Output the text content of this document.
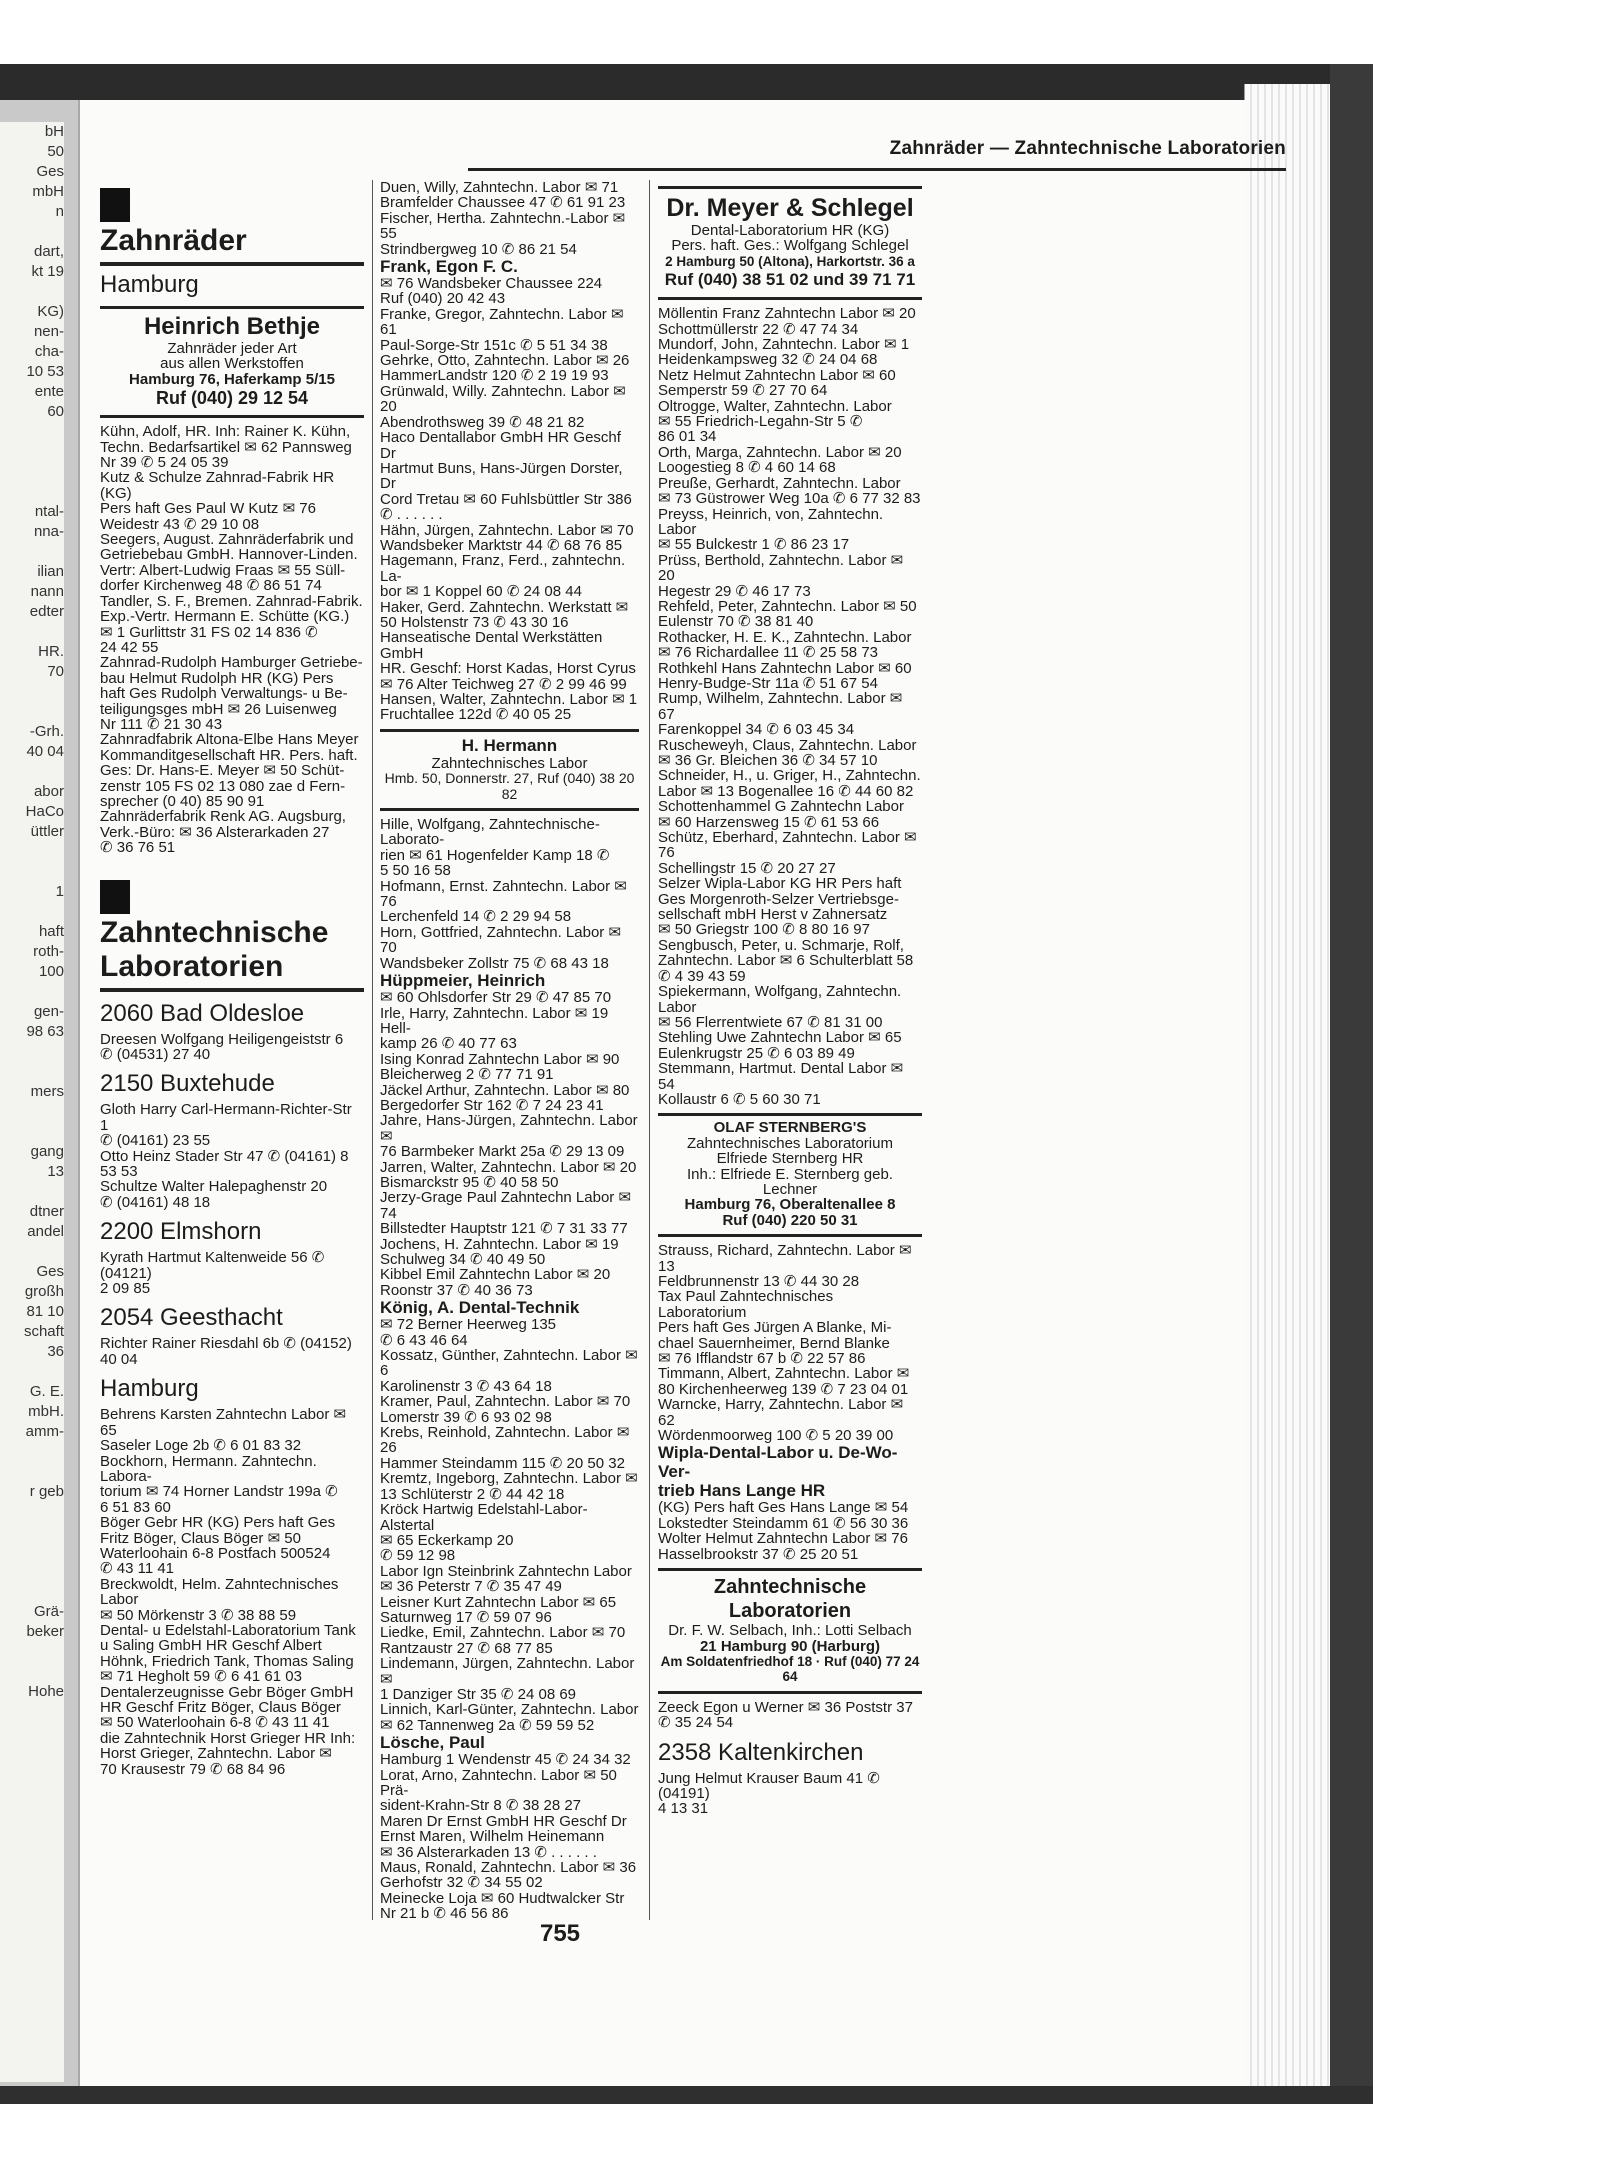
bH
50
Ges
mbH
n
dart,
kt 19
KG)
nen-
cha-
10 53
ente
60
ntal-
nna-
ilian
nann
edter
HR.
70
-Grh.
40 04
abor
HaCo
üttler
1
haft
roth-
100
gen-
98 63
mers
gang
13
dtner
andel
Ges
großh
81 10
schaft
36
G. E.
mbH.
amm-
r geb
Grä-
beker
Hohe
Zahnräder — Zahntechnische Laboratorien
Zahnräder
Hamburg
Heinrich Bethje
Zahnräder jeder Art
aus allen Werkstoffen
Hamburg 76, Haferkamp 5/15
Ruf (040) 29 12 54

Kühn, Adolf, HR. Inh: Rainer K. Kühn,
Techn. Bedarfsartikel ✉ 62 Pannsweg
Nr 39 ✆ 5 24 05 39

Kutz & Schulze Zahnrad-Fabrik HR (KG)
Pers haft Ges Paul W Kutz ✉ 76
Weidestr 43 ✆ 29 10 08

Seegers, August. Zahnräderfabrik und
Getriebebau GmbH. Hannover-Linden.
Vertr: Albert-Ludwig Fraas ✉ 55 Süll-
dorfer Kirchenweg 48 ✆ 86 51 74

Tandler, S. F., Bremen. Zahnrad-Fabrik.
Exp.-Vertr. Hermann E. Schütte (KG.)
✉ 1 Gurlittstr 31 FS 02 14 836 ✆
24 42 55

Zahnrad-Rudolph Hamburger Getriebe-
bau Helmut Rudolph HR (KG) Pers
haft Ges Rudolph Verwaltungs- u Be-
teiligungsges mbH ✉ 26 Luisenweg
Nr 111 ✆ 21 30 43

Zahnradfabrik Altona-Elbe Hans Meyer
Kommanditgesellschaft HR. Pers. haft.
Ges: Dr. Hans-E. Meyer ✉ 50 Schüt-
zenstr 105 FS 02 13 080 zae d Fern-
sprecher (0 40) 85 90 91

Zahnräderfabrik Renk AG. Augsburg,
Verk.-Büro: ✉ 36 Alsterarkaden 27
✆ 36 76 51

Zahntechnische
Laboratorien
2060 Bad Oldesloe

Dreesen Wolfgang Heiligengeiststr 6
✆ (04531) 27 40

2150 Buxtehude

Gloth Harry Carl-Hermann-Richter-Str 1
✆ (04161) 23 55

Otto Heinz Stader Str 47 ✆ (04161) 8 53 53

Schultze Walter Halepaghenstr 20
✆ (04161) 48 18

2200 Elmshorn

Kyrath Hartmut Kaltenweide 56 ✆ (04121)
2 09 85

2054 Geesthacht

Richter Rainer Riesdahl 6b ✆ (04152)
40 04

Hamburg

Behrens Karsten Zahntechn Labor ✉ 65
Saseler Loge 2b ✆ 6 01 83 32

Bockhorn, Hermann. Zahntechn. Labora-
torium ✉ 74 Horner Landstr 199a ✆
6 51 83 60

Böger Gebr HR (KG) Pers haft Ges
Fritz Böger, Claus Böger ✉ 50
Waterloohain 6-8 Postfach 500524
✆ 43 11 41

Breckwoldt, Helm. Zahntechnisches Labor
✉ 50 Mörkenstr 3 ✆ 38 88 59

Dental- u Edelstahl-Laboratorium Tank
u Saling GmbH HR Geschf Albert
Höhnk, Friedrich Tank, Thomas Saling
✉ 71 Hegholt 59 ✆ 6 41 61 03

Dentalerzeugnisse Gebr Böger GmbH
HR Geschf Fritz Böger, Claus Böger
✉ 50 Waterloohain 6-8 ✆ 43 11 41

die Zahntechnik Horst Grieger HR Inh:
Horst Grieger, Zahntechn. Labor ✉
70 Krausestr 79 ✆ 68 84 96

Duen, Willy, Zahntechn. Labor ✉ 71
Bramfelder Chaussee 47 ✆ 61 91 23

Fischer, Hertha. Zahntechn.-Labor ✉ 55
Strindbergweg 10 ✆ 86 21 54

Frank, Egon F. C.

✉ 76 Wandsbeker Chaussee 224
Ruf (040) 20 42 43

Franke, Gregor, Zahntechn. Labor ✉ 61
Paul-Sorge-Str 151c ✆ 5 51 34 38

Gehrke, Otto, Zahntechn. Labor ✉ 26
HammerLandstr 120 ✆ 2 19 19 93

Grünwald, Willy. Zahntechn. Labor ✉ 20
Abendrothsweg 39 ✆ 48 21 82

Haco Dentallabor GmbH HR Geschf Dr
Hartmut Buns, Hans-Jürgen Dorster, Dr
Cord Tretau ✉ 60 Fuhlsbüttler Str 386
✆ . . . . . .

Hähn, Jürgen, Zahntechn. Labor ✉ 70
Wandsbeker Marktstr 44 ✆ 68 76 85

Hagemann, Franz, Ferd., zahntechn. La-
bor ✉ 1 Koppel 60 ✆ 24 08 44

Haker, Gerd. Zahntechn. Werkstatt ✉
50 Holstenstr 73 ✆ 43 30 16

Hanseatische Dental Werkstätten GmbH
HR. Geschf: Horst Kadas, Horst Cyrus
✉ 76 Alter Teichweg 27 ✆ 2 99 46 99

Hansen, Walter, Zahntechn. Labor ✉ 1
Fruchtallee 122d ✆ 40 05 25

H. Hermann
Zahntechnisches Labor
Hmb. 50, Donnerstr. 27, Ruf (040) 38 20 82

Hille, Wolfgang, Zahntechnische-Laborato-
rien ✉ 61 Hogenfelder Kamp 18 ✆
5 50 16 58

Hofmann, Ernst. Zahntechn. Labor ✉ 76
Lerchenfeld 14 ✆ 2 29 94 58

Horn, Gottfried, Zahntechn. Labor ✉ 70
Wandsbeker Zollstr 75 ✆ 68 43 18

Hüppmeier, Heinrich

✉ 60 Ohlsdorfer Str 29 ✆ 47 85 70

Irle, Harry, Zahntechn. Labor ✉ 19 Hell-
kamp 26 ✆ 40 77 63

Ising Konrad Zahntechn Labor ✉ 90
Bleicherweg 2 ✆ 77 71 91

Jäckel Arthur, Zahntechn. Labor ✉ 80
Bergedorfer Str 162 ✆ 7 24 23 41

Jahre, Hans-Jürgen, Zahntechn. Labor ✉
76 Barmbeker Markt 25a ✆ 29 13 09

Jarren, Walter, Zahntechn. Labor ✉ 20
Bismarckstr 95 ✆ 40 58 50

Jerzy-Grage Paul Zahntechn Labor ✉ 74
Billstedter Hauptstr 121 ✆ 7 31 33 77

Jochens, H. Zahntechn. Labor ✉ 19
Schulweg 34 ✆ 40 49 50

Kibbel Emil Zahntechn Labor ✉ 20
Roonstr 37 ✆ 40 36 73

König, A. Dental-Technik

✉ 72 Berner Heerweg 135
✆ 6 43 46 64

Kossatz, Günther, Zahntechn. Labor ✉ 6
Karolinenstr 3 ✆ 43 64 18

Kramer, Paul, Zahntechn. Labor ✉ 70
Lomerstr 39 ✆ 6 93 02 98

Krebs, Reinhold, Zahntechn. Labor ✉ 26
Hammer Steindamm 115 ✆ 20 50 32

Kremtz, Ingeborg, Zahntechn. Labor ✉
13 Schlüterstr 2 ✆ 44 42 18

Kröck Hartwig Edelstahl-Labor-Alstertal
✉ 65 Eckerkamp 20
✆ 59 12 98

Labor Ign Steinbrink Zahntechn Labor
✉ 36 Peterstr 7 ✆ 35 47 49

Leisner Kurt Zahntechn Labor ✉ 65
Saturnweg 17 ✆ 59 07 96

Liedke, Emil, Zahntechn. Labor ✉ 70
Rantzaustr 27 ✆ 68 77 85

Lindemann, Jürgen, Zahntechn. Labor ✉
1 Danziger Str 35 ✆ 24 08 69

Linnich, Karl-Günter, Zahntechn. Labor
✉ 62 Tannenweg 2a ✆ 59 59 52

Lösche, Paul

Hamburg 1 Wendenstr 45 ✆ 24 34 32

Lorat, Arno, Zahntechn. Labor ✉ 50 Prä-
sident-Krahn-Str 8 ✆ 38 28 27

Maren Dr Ernst GmbH HR Geschf Dr
Ernst Maren, Wilhelm Heinemann
✉ 36 Alsterarkaden 13 ✆ . . . . . .

Maus, Ronald, Zahntechn. Labor ✉ 36
Gerhofstr 32 ✆ 34 55 02

Meinecke Loja ✉ 60 Hudtwalcker Str
Nr 21 b ✆ 46 56 86

Dr. Meyer & Schlegel
Dental-Laboratorium HR (KG)
Pers. haft. Ges.: Wolfgang Schlegel
2 Hamburg 50 (Altona), Harkortstr. 36 a
Ruf (040) 38 51 02 und 39 71 71

Möllentin Franz Zahntechn Labor ✉ 20
Schottmüllerstr 22 ✆ 47 74 34

Mundorf, John, Zahntechn. Labor ✉ 1
Heidenkampsweg 32 ✆ 24 04 68

Netz Helmut Zahntechn Labor ✉ 60
Semperstr 59 ✆ 27 70 64

Oltrogge, Walter, Zahntechn. Labor
✉ 55 Friedrich-Legahn-Str 5 ✆
86 01 34

Orth, Marga, Zahntechn. Labor ✉ 20
Loogestieg 8 ✆ 4 60 14 68

Preuße, Gerhardt, Zahntechn. Labor
✉ 73 Güstrower Weg 10a ✆ 6 77 32 83

Preyss, Heinrich, von, Zahntechn. Labor
✉ 55 Bulckestr 1 ✆ 86 23 17

Prüss, Berthold, Zahntechn. Labor ✉ 20
Hegestr 29 ✆ 46 17 73

Rehfeld, Peter, Zahntechn. Labor ✉ 50
Eulenstr 70 ✆ 38 81 40

Rothacker, H. E. K., Zahntechn. Labor
✉ 76 Richardallee 11 ✆ 25 58 73

Rothkehl Hans Zahntechn Labor ✉ 60
Henry-Budge-Str 11a ✆ 51 67 54

Rump, Wilhelm, Zahntechn. Labor ✉ 67
Farenkoppel 34 ✆ 6 03 45 34

Ruscheweyh, Claus, Zahntechn. Labor
✉ 36 Gr. Bleichen 36 ✆ 34 57 10

Schneider, H., u. Griger, H., Zahntechn.
Labor ✉ 13 Bogenallee 16 ✆ 44 60 82

Schottenhammel G Zahntechn Labor
✉ 60 Harzensweg 15 ✆ 61 53 66

Schütz, Eberhard, Zahntechn. Labor ✉ 76
Schellingstr 15 ✆ 20 27 27

Selzer Wipla-Labor KG HR Pers haft
Ges Morgenroth-Selzer Vertriebsge-
sellschaft mbH Herst v Zahnersatz
✉ 50 Griegstr 100 ✆ 8 80 16 97

Sengbusch, Peter, u. Schmarje, Rolf,
Zahntechn. Labor ✉ 6 Schulterblatt 58
✆ 4 39 43 59

Spiekermann, Wolfgang, Zahntechn. Labor
✉ 56 Flerrentwiete 67 ✆ 81 31 00

Stehling Uwe Zahntechn Labor ✉ 65
Eulenkrugstr 25 ✆ 6 03 89 49

Stemmann, Hartmut. Dental Labor ✉ 54
Kollaustr 6 ✆ 5 60 30 71

OLAF STERNBERG'S
Zahntechnisches Laboratorium
Elfriede Sternberg HR
Inh.: Elfriede E. Sternberg geb. Lechner
Hamburg 76, Oberaltenallee 8
Ruf (040) 220 50 31

Strauss, Richard, Zahntechn. Labor ✉ 13
Feldbrunnenstr 13 ✆ 44 30 28

Tax Paul Zahntechnisches Laboratorium
Pers haft Ges Jürgen A Blanke, Mi-
chael Sauernheimer, Bernd Blanke
✉ 76 Ifflandstr 67 b ✆ 22 57 86

Timmann, Albert, Zahntechn. Labor ✉
80 Kirchenheerweg 139 ✆ 7 23 04 01

Warncke, Harry, Zahntechn. Labor ✉ 62
Wördenmoorweg 100 ✆ 5 20 39 00

Wipla-Dental-Labor u. De-Wo-Ver-
trieb Hans Lange HR

(KG) Pers haft Ges Hans Lange ✉ 54
Lokstedter Steindamm 61 ✆ 56 30 36

Wolter Helmut Zahntechn Labor ✉ 76
Hasselbrookstr 37 ✆ 25 20 51

Zahntechnische Laboratorien
Dr. F. W. Selbach, Inh.: Lotti Selbach
21 Hamburg 90 (Harburg)
Am Soldatenfriedhof 18 · Ruf (040) 77 24 64

Zeeck Egon u Werner ✉ 36 Poststr 37
✆ 35 24 54

2358 Kaltenkirchen

Jung Helmut Krauser Baum 41 ✆ (04191)
4 13 31

755
